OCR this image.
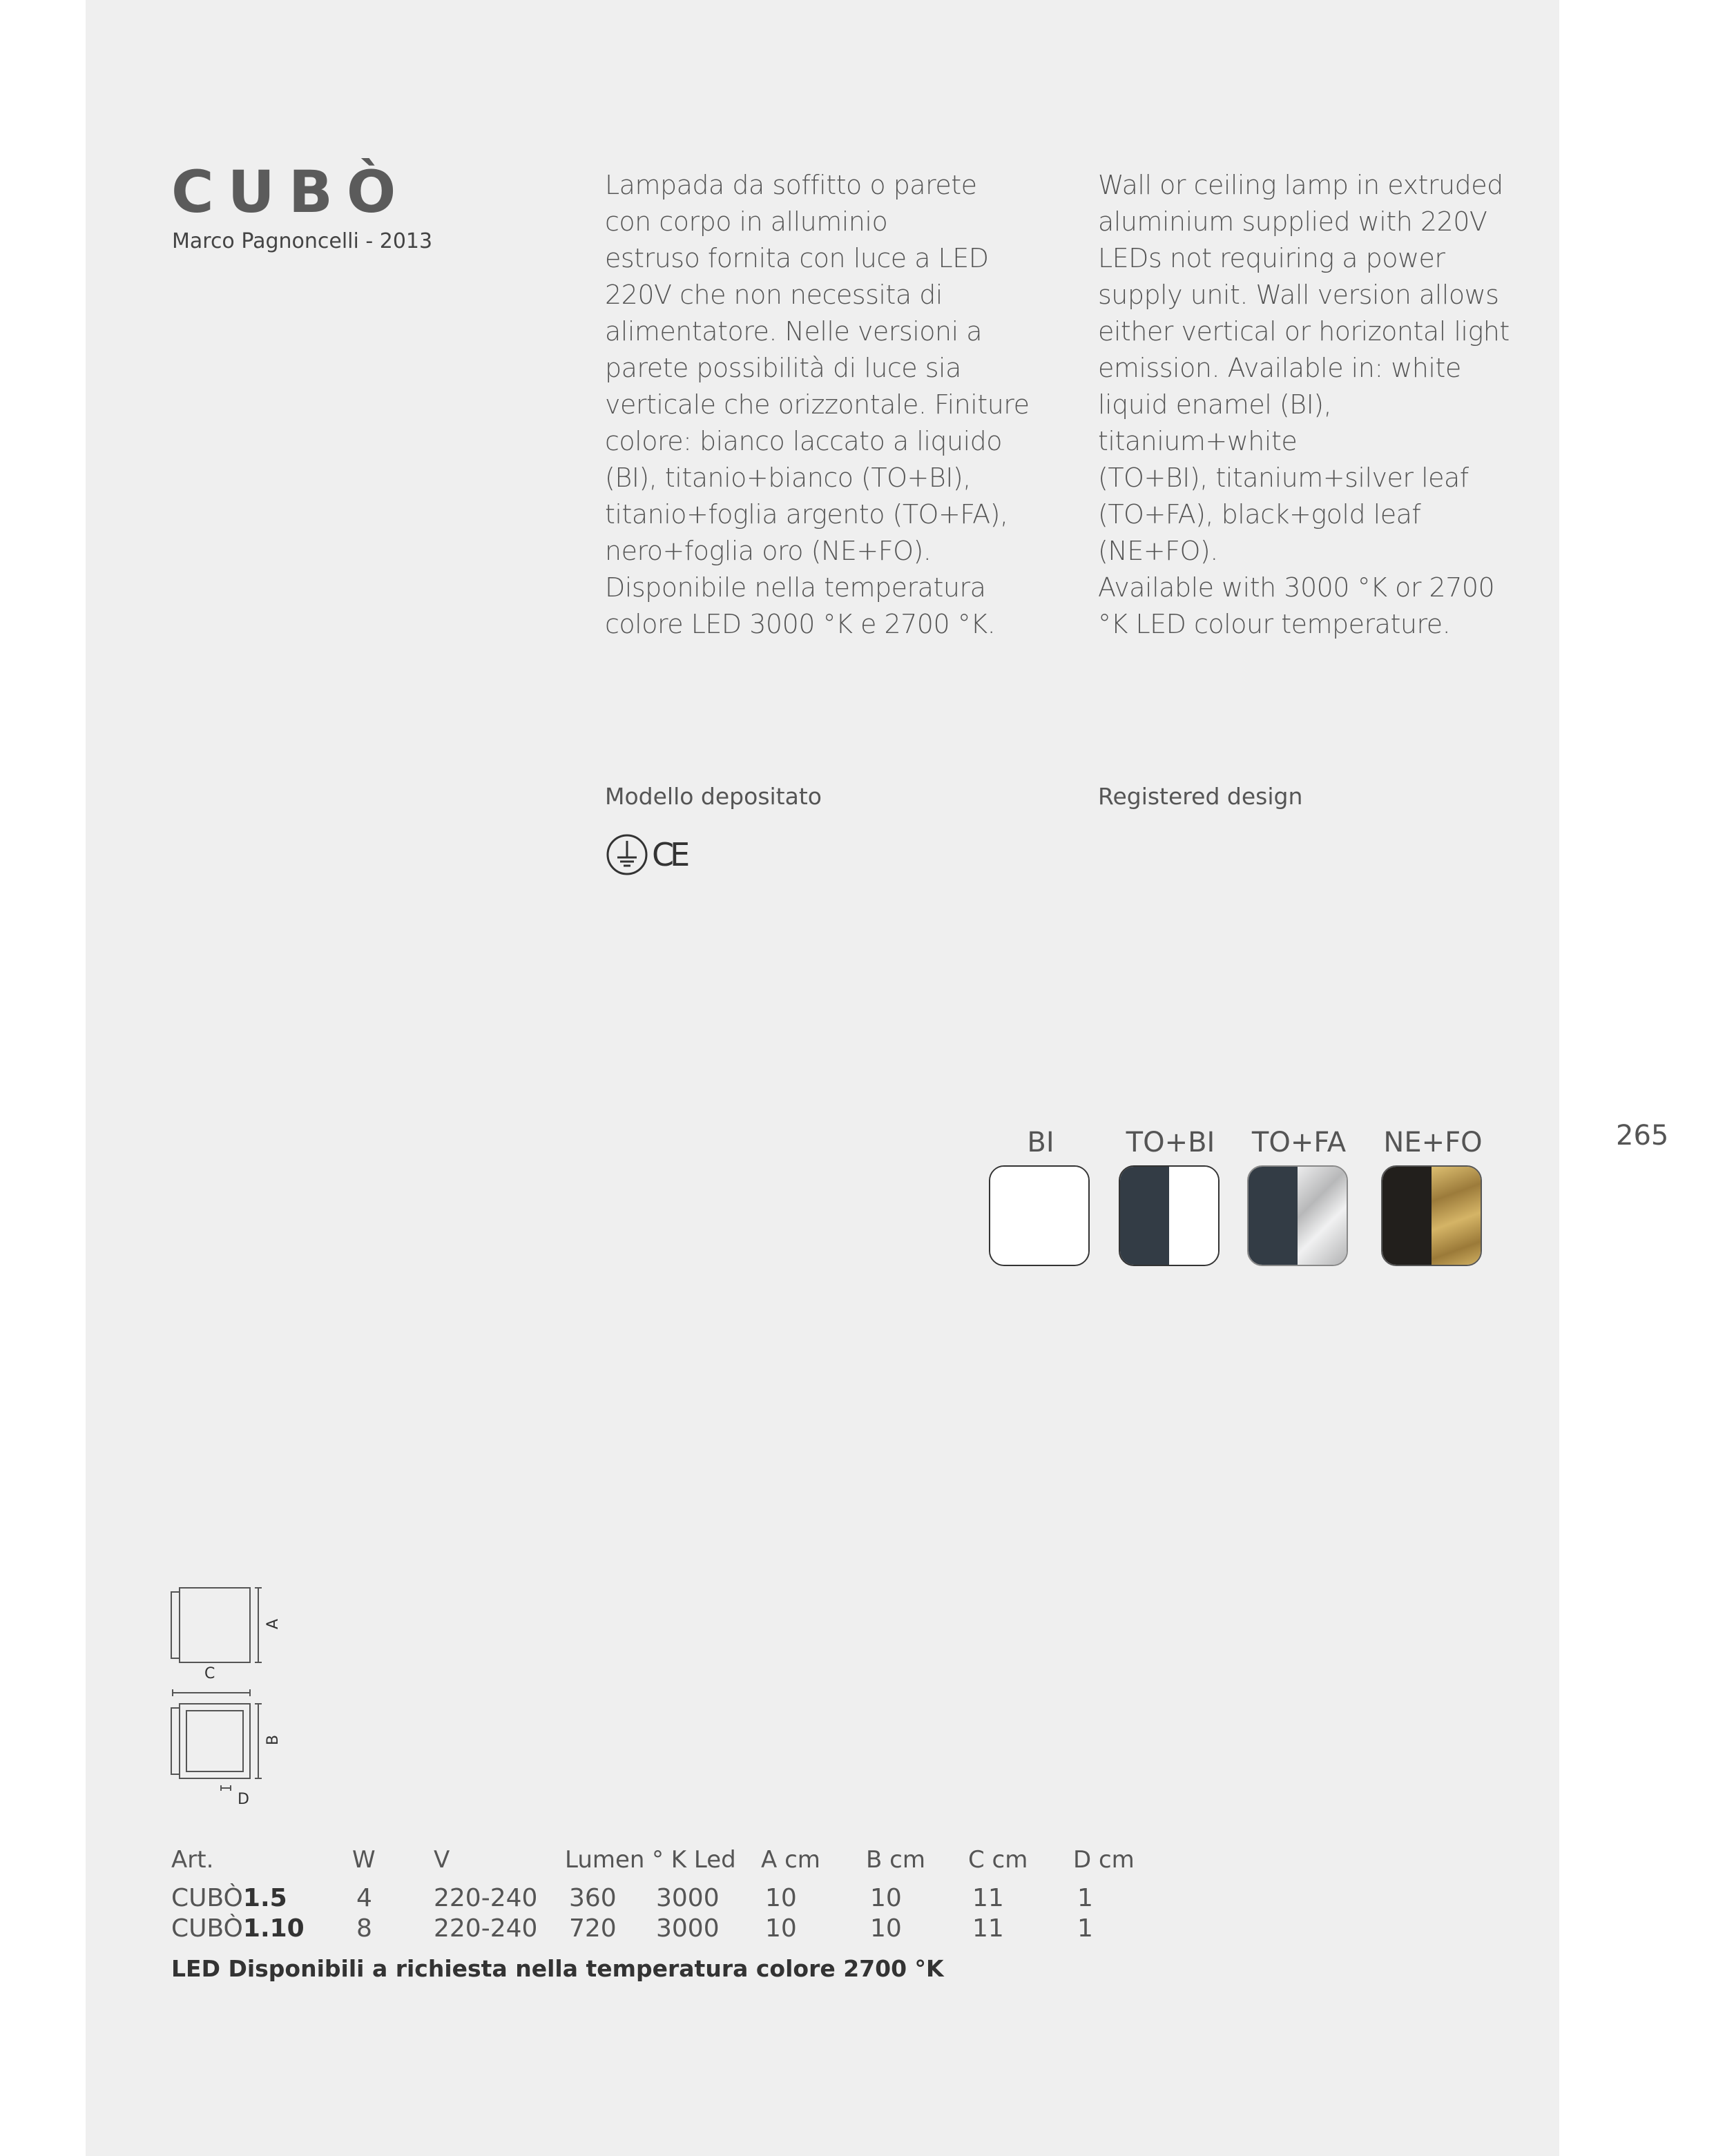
CUBÒ
Marco Pagnoncelli - 2013
Lampada da soffitto o parete
con corpo in alluminio
estruso fornita con luce a LED
220V che non necessita di
alimentatore. Nelle versioni a
parete possibilità di luce sia
verticale che orizzontale. Finiture
colore: bianco laccato a liquido
(BI), titanio+bianco (TO+BI),
titanio+foglia argento (TO+FA),
nero+foglia oro (NE+FO).
Disponibile nella temperatura
colore LED 3000 °K e 2700 °K.
Wall or ceiling lamp in extruded
aluminium supplied with 220V
LEDs not requiring a power
supply unit. Wall version allows
either vertical or horizontal light
emission. Available in: white
liquid enamel (BI), titanium+white
(TO+BI), titanium+silver leaf
(TO+FA), black+gold leaf
(NE+FO).
Available with 3000 °K or 2700
°K LED colour temperature.
Modello depositato	Registered design
CE
265
BI	TO+BI TO+FA NE+FO
A
C
B
D
Art.	W	V	Lumen	° K Led	A cm	B cm	C cm	D cm
CUBÒ1.5	4	220-240	360	3000	10	10	11	1
CUBÒ1.10	8	220-240	720	3000	10	10	11	1
LED Disponibili a richiesta nella temperatura colore 2700 °K
